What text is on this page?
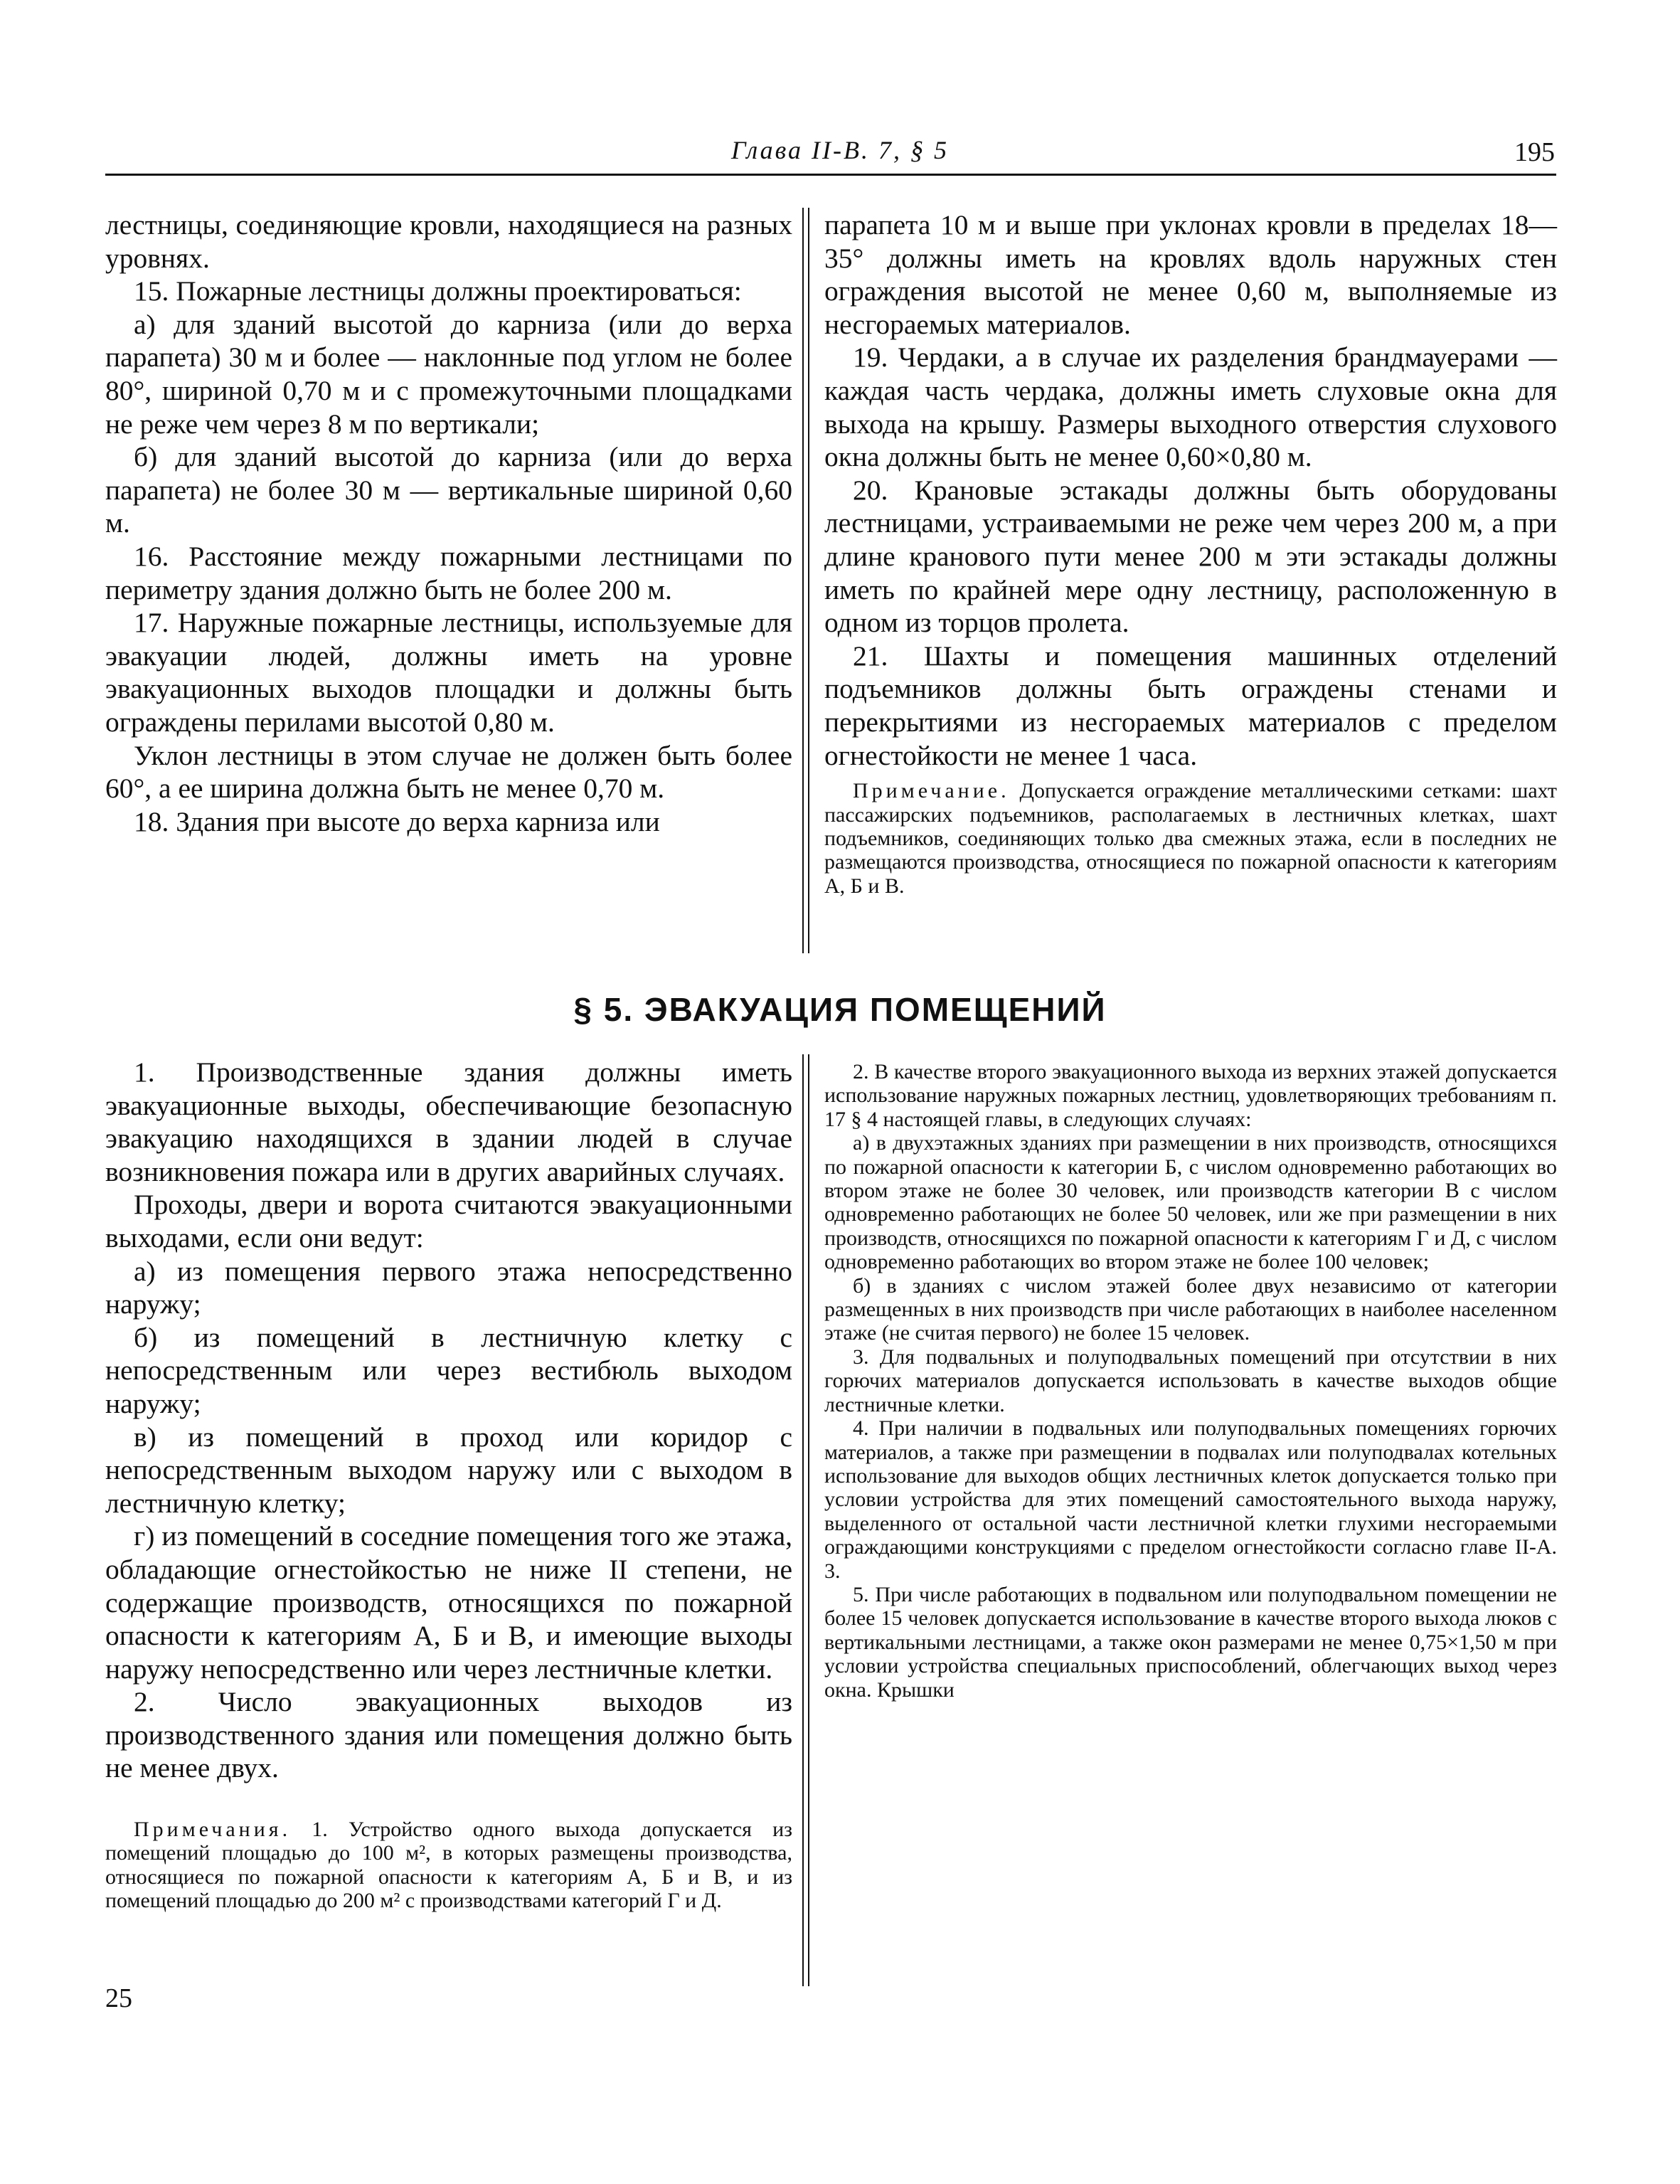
Глава II-В. 7, § 5	195

лестницы, соединяющие кровли, находящиеся на разных уровнях.

15. Пожарные лестницы должны проектироваться:

а) для зданий высотой до карниза (или до верха парапета) 30 м и более — наклонные под углом не более 80°, шириной 0,70 м и с промежуточными площадками не реже чем через 8 м по вертикали;

б) для зданий высотой до карниза (или до верха парапета) не более 30 м — вертикальные шириной 0,60 м.

16. Расстояние между пожарными лестницами по периметру здания должно быть не более 200 м.

17. Наружные пожарные лестницы, используемые для эвакуации людей, должны иметь на уровне эвакуационных выходов площадки и должны быть ограждены перилами высотой 0,80 м.

Уклон лестницы в этом случае не должен быть более 60°, а ее ширина должна быть не менее 0,70 м.

18. Здания при высоте до верха карниза или

парапета 10 м и выше при уклонах кровли в пределах 18—35° должны иметь на кровлях вдоль наружных стен ограждения высотой не менее 0,60 м, выполняемые из несгораемых материалов.

19. Чердаки, а в случае их разделения брандмауерами — каждая часть чердака, должны иметь слуховые окна для выхода на крышу. Размеры выходного отверстия слухового окна должны быть не менее 0,60×0,80 м.

20. Крановые эстакады должны быть оборудованы лестницами, устраиваемыми не реже чем через 200 м, а при длине кранового пути менее 200 м эти эстакады должны иметь по крайней мере одну лестницу, расположенную в одном из торцов пролета.

21. Шахты и помещения машинных отделений подъемников должны быть ограждены стенами и перекрытиями из несгораемых материалов с пределом огнестойкости не менее 1 часа.

Примечание. Допускается ограждение металлическими сетками: шахт пассажирских подъемников, располагаемых в лестничных клетках, шахт подъемников, соединяющих только два смежных этажа, если в последних не размещаются производства, относящиеся по пожарной опасности к категориям А, Б и В.

§ 5. ЭВАКУАЦИЯ ПОМЕЩЕНИЙ

1. Производственные здания должны иметь эвакуационные выходы, обеспечивающие безопасную эвакуацию находящихся в здании людей в случае возникновения пожара или в других аварийных случаях.

Проходы, двери и ворота считаются эвакуационными выходами, если они ведут:

а) из помещения первого этажа непосредственно наружу;

б) из помещений в лестничную клетку с непосредственным или через вестибюль выходом наружу;

в) из помещений в проход или коридор с непосредственным выходом наружу или с выходом в лестничную клетку;

г) из помещений в соседние помещения того же этажа, обладающие огнестойкостью не ниже II степени, не содержащие производств, относящихся по пожарной опасности к категориям А, Б и В, и имеющие выходы наружу непосредственно или через лестничные клетки.

2. Число эвакуационных выходов из производственного здания или помещения должно быть не менее двух.

Примечания. 1. Устройство одного выхода допускается из помещений площадью до 100 м², в которых размещены производства, относящиеся по пожарной опасности к категориям А, Б и В, и из помещений площадью до 200 м² с производствами категорий Г и Д.

2. В качестве второго эвакуационного выхода из верхних этажей допускается использование наружных пожарных лестниц, удовлетворяющих требованиям п. 17 § 4 настоящей главы, в следующих случаях:

а) в двухэтажных зданиях при размещении в них производств, относящихся по пожарной опасности к категории Б, с числом одновременно работающих во втором этаже не более 30 человек, или производств категории В с числом одновременно работающих не более 50 человек, или же при размещении в них производств, относящихся по пожарной опасности к категориям Г и Д, с числом одновременно работающих во втором этаже не более 100 человек;

б) в зданиях с числом этажей более двух независимо от категории размещенных в них производств при числе работающих в наиболее населенном этаже (не считая первого) не более 15 человек.

3. Для подвальных и полуподвальных помещений при отсутствии в них горючих материалов допускается использовать в качестве выходов общие лестничные клетки.

4. При наличии в подвальных или полуподвальных помещениях горючих материалов, а также при размещении в подвалах или полуподвалах котельных использование для выходов общих лестничных клеток допускается только при условии устройства для этих помещений самостоятельного выхода наружу, выделенного от остальной части лестничной клетки глухими несгораемыми ограждающими конструкциями с пределом огнестойкости согласно главе II-А. 3.

5. При числе работающих в подвальном или полуподвальном помещении не более 15 человек допускается использование в качестве второго выхода люков с вертикальными лестницами, а также окон размерами не менее 0,75×1,50 м при условии устройства специальных приспособлений, облегчающих выход через окна. Крышки

25
